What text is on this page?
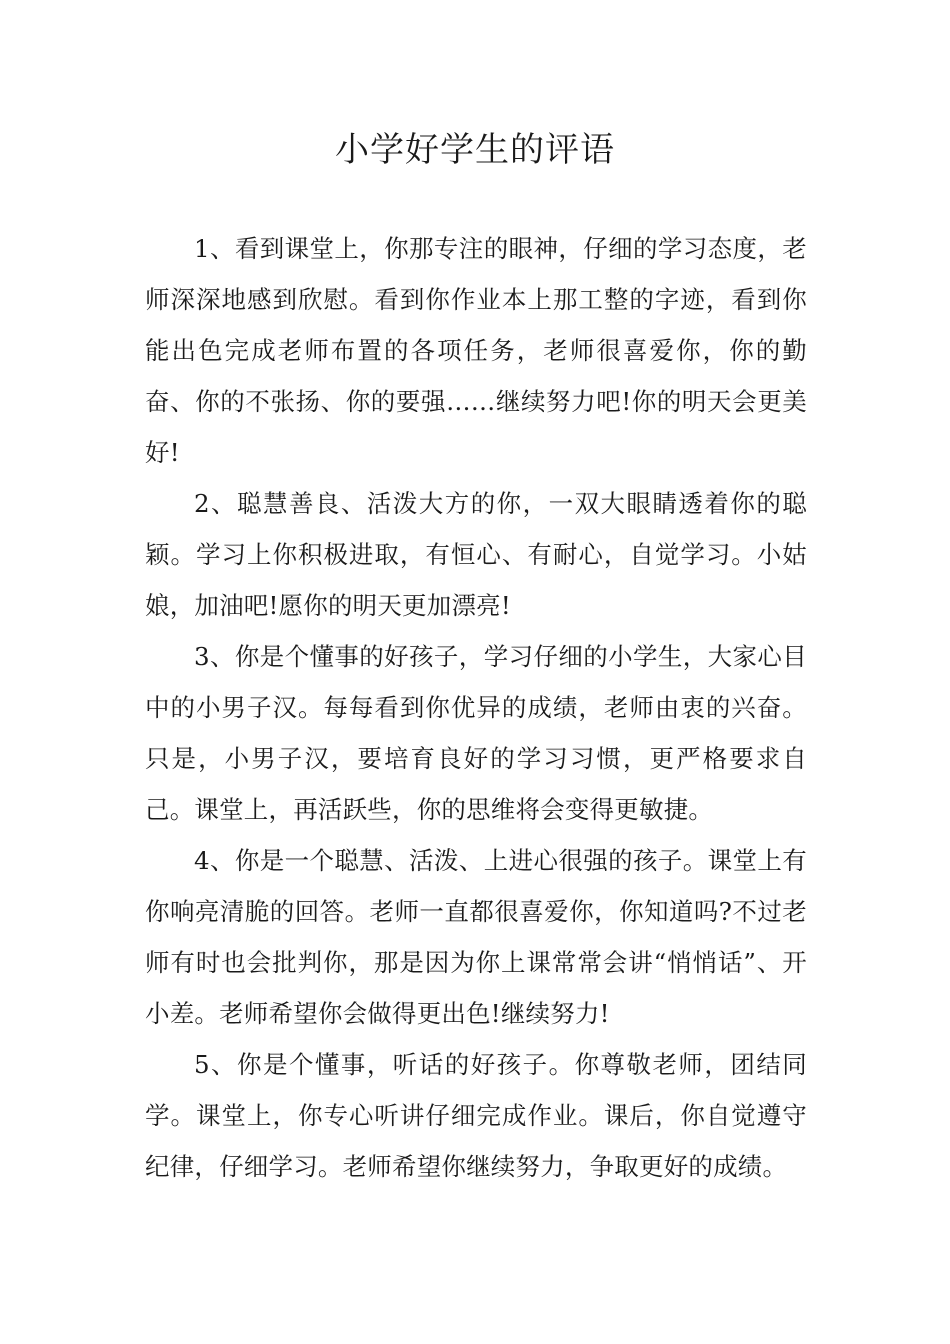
小学好学生的评语

1、看到课堂上，你那专注的眼神，仔细的学习态度，老师深深地感到欣慰。看到你作业本上那工整的字迹，看到你能出色完成老师布置的各项任务，老师很喜爱你，你的勤奋、你的不张扬、你的要强……继续努力吧!你的明天会更美好!

2、聪慧善良、活泼大方的你，一双大眼睛透着你的聪颖。学习上你积极进取，有恒心、有耐心，自觉学习。小姑娘，加油吧!愿你的明天更加漂亮!

3、你是个懂事的好孩子，学习仔细的小学生，大家心目中的小男子汉。每每看到你优异的成绩，老师由衷的兴奋。只是，小男子汉，要培育良好的学习习惯，更严格要求自己。课堂上，再活跃些，你的思维将会变得更敏捷。

4、你是一个聪慧、活泼、上进心很强的孩子。课堂上有你响亮清脆的回答。老师一直都很喜爱你，你知道吗?不过老师有时也会批判你，那是因为你上课常常会讲“悄悄话”、开小差。老师希望你会做得更出色!继续努力!

5、你是个懂事，听话的好孩子。你尊敬老师，团结同学。课堂上，你专心听讲仔细完成作业。课后，你自觉遵守纪律，仔细学习。老师希望你继续努力，争取更好的成绩。
